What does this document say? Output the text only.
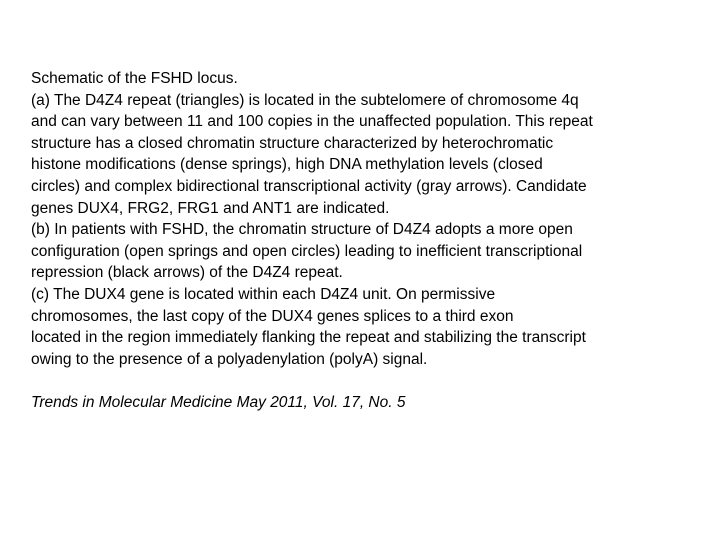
Schematic of the FSHD locus.
(a) The D4Z4 repeat (triangles) is located in the subtelomere of chromosome 4q
and can vary between 11 and 100 copies in the unaffected population. This repeat
structure has a closed chromatin structure characterized by heterochromatic
histone modifications (dense springs), high DNA methylation levels (closed
circles) and complex bidirectional transcriptional activity (gray arrows). Candidate
genes DUX4, FRG2, FRG1 and ANT1 are indicated.
(b) In patients with FSHD, the chromatin structure of D4Z4 adopts a more open
configuration (open springs and open circles) leading to inefficient transcriptional
repression (black arrows) of the D4Z4 repeat.
(c) The DUX4 gene is located within each D4Z4 unit. On permissive
chromosomes, the last copy of the DUX4 genes splices to a third exon
located in the region immediately flanking the repeat and stabilizing the transcript
owing to the presence of a polyadenylation (polyA) signal.
Trends in Molecular Medicine May 2011, Vol. 17, No. 5
